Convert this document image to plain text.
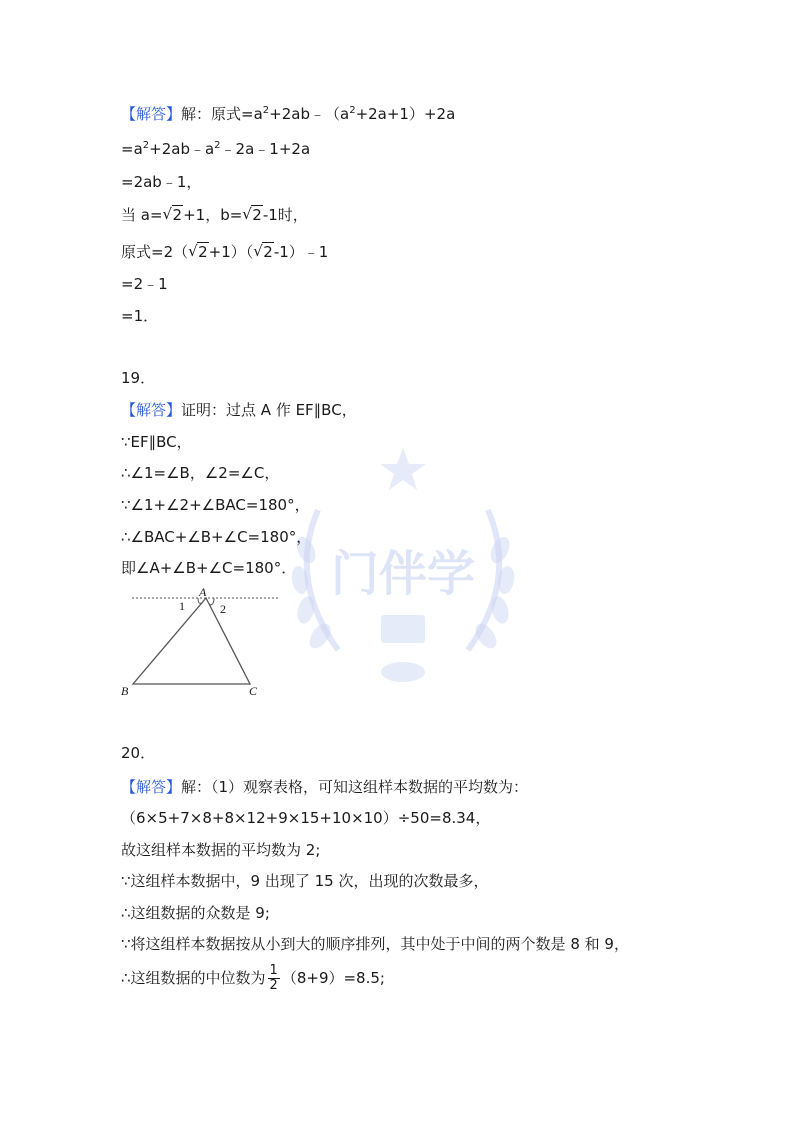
门伴学
【解答】解：原式$=a^2+2ab﹣(a^2+2a+1)+2a$
$=a^2+2ab﹣a^2﹣2a﹣1+2a$
=2ab﹣1，
当 a= √ 2+1，b= √ 2-1时，
原式=2（ √ 2+1）（ √ 2-1）﹣1
=2﹣1
=1．
19．
【解答】证明：过点 A 作 EF∥BC，
∵EF∥BC，
∴∠1=∠B，∠2=∠C，
∵∠1+∠2+∠BAC=180°，
∴∠BAC+∠B+∠C=180°，
即∠A+∠B+∠C=180°．
A
1	2
B	C
20．
【解答】解：（1）观察表格，可知这组样本数据的平均数为：
（6×5+7×8+8×12+9×15+10×10）÷50=8.34，
故这组样本数据的平均数为 2;
∵这组样本数据中，9 出现了 15 次，出现的次数最多，
∴这组数据的众数是 9;
∵将这组样本数据按从小到大的顺序排列，其中处于中间的两个数是 8 和 9，
∴这组数据的中位数为 $\frac{1}{2} (8+9)=8.5$;
